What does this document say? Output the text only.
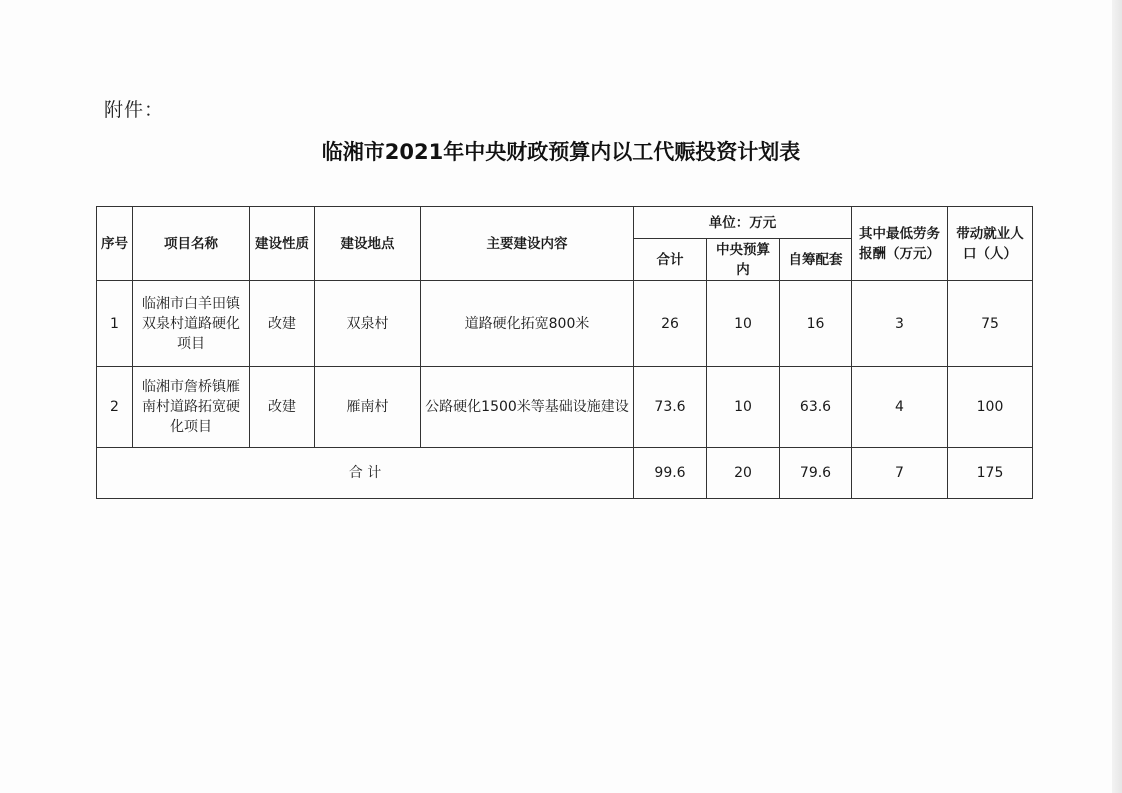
附件：
临湘市2021年中央财政预算内以工代赈投资计划表
序号	项目名称	建设性质	建设地点	主要建设内容	单位：万元			其中最低劳务报酬（万元）	带动就业人口（人）
					合计	中央预算内	自筹配套		
1	临湘市白羊田镇双泉村道路硬化项目	改建	双泉村	道路硬化拓宽800米	26	10	16	3	75
2	临湘市詹桥镇雁南村道路拓宽硬化项目	改建	雁南村	公路硬化1500米等基础设施建设	73.6	10	63.6	4	100
合 计					99.6	20	79.6	7	175
